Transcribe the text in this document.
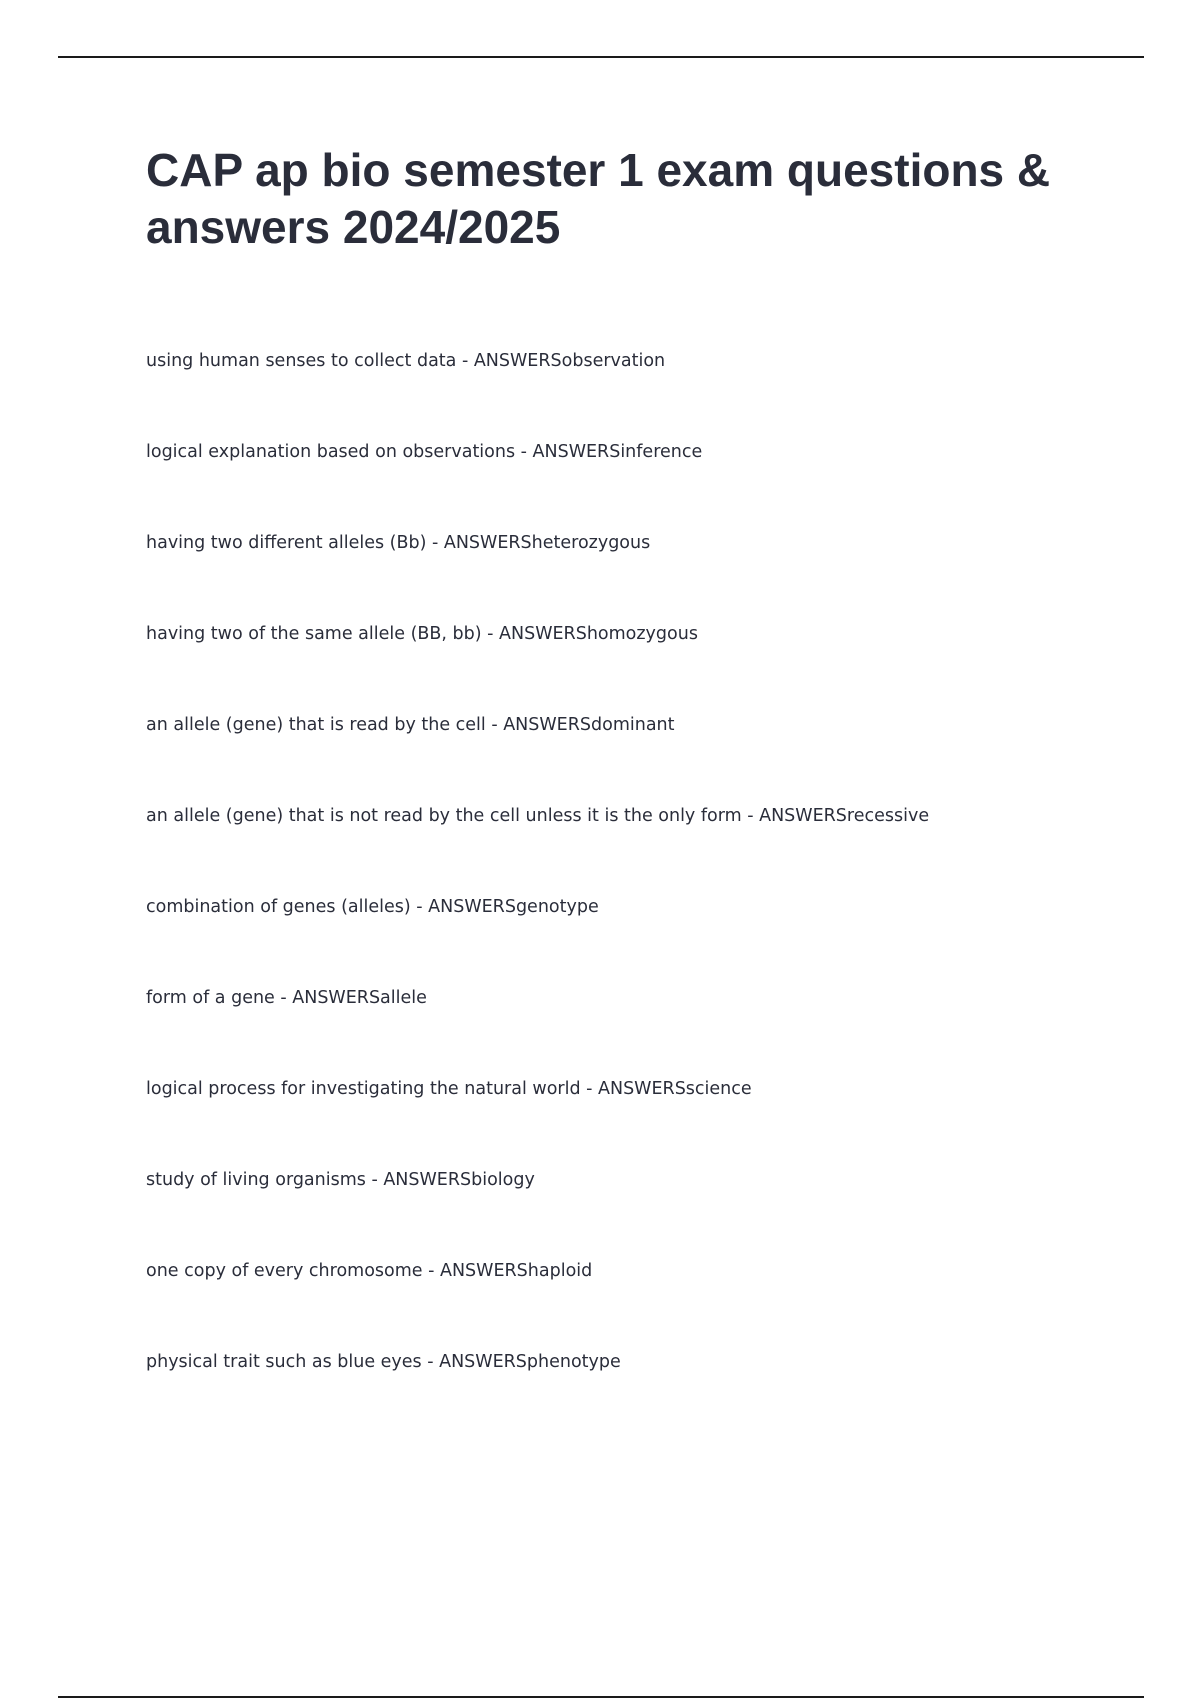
CAP ap bio semester 1 exam questions & answers 2024/2025
using human senses to collect data - ANSWERSobservation
logical explanation based on observations - ANSWERSinference
having two different alleles (Bb) - ANSWERSheterozygous
having two of the same allele (BB, bb) - ANSWERShomozygous
an allele (gene) that is read by the cell - ANSWERSdominant
an allele (gene) that is not read by the cell unless it is the only form - ANSWERSrecessive
combination of genes (alleles) - ANSWERSgenotype
form of a gene - ANSWERSallele
logical process for investigating the natural world - ANSWERSscience
study of living organisms - ANSWERSbiology
one copy of every chromosome - ANSWERShaploid
physical trait such as blue eyes - ANSWERSphenotype
